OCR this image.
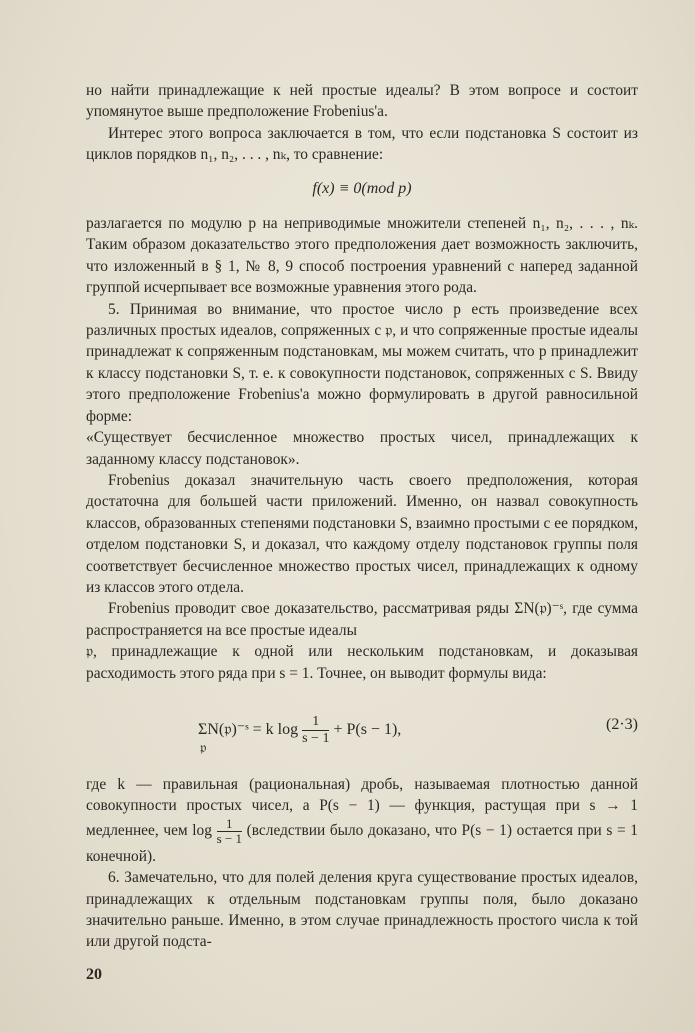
но найти принадлежащие к ней простые идеалы? В этом вопросе и состоит упомянутое выше предположение Frobenius'а.

Интерес этого вопроса заключается в том, что если подстановка S состоит из циклов порядков n₁, n₂, . . . , nₖ, то сравнение:

f(x) ≡ 0(mod p)

разлагается по модулю p на неприводимые множители степеней n₁, n₂, . . . , nₖ. Таким образом доказательство этого предположения дает возможность заключить, что изложенный в § 1, № 8, 9 способ построения уравнений с наперед заданной группой исчерпывает все возможные уравнения этого рода.

5. Принимая во внимание, что простое число p есть произведение всех различных простых идеалов, сопряженных с 𝔭, и что сопряженные простые идеалы принадлежат к сопряженным подстановкам, мы можем считать, что p принадлежит к классу подстановки S, т. е. к совокупности подстановок, сопряженных с S. Ввиду этого предположение Frobenius'а можно формулировать в другой равносильной форме:

«Существует бесчисленное множество простых чисел, принадлежащих к заданному классу подстановок».

Frobenius доказал значительную часть своего предположения, которая достаточна для большей части приложений. Именно, он назвал совокупность классов, образованных степенями подстановки S, взаимно простыми с ее порядком, отделом подстановки S, и доказал, что каждому отделу подстановок группы поля соответствует бесчисленное множество простых чисел, принадлежащих к одному из классов этого отдела.

Frobenius проводит свое доказательство, рассматривая ряды ΣN(𝔭)⁻ˢ, где сумма распространяется на все простые идеалы

𝔭, принадлежащие к одной или нескольким подстановкам, и доказывая расходимость этого ряда при s = 1. Точнее, он выводит формулы вида:

ΣN(𝔭)⁻ˢ = k $\log \frac{1}{s - 1} + P(s - 1)$,
𝔭
(2·3)

где k — правильная (рациональная) дробь, называемая плотностью данной совокупности простых чисел, а P(s − 1) — функция, растущая при s → 1 медленнее, чем $\log \frac{1}{s - 1}$ (вследствии было доказано, что P(s − 1) остается при s = 1 конечной).

6. Замечательно, что для полей деления круга существование простых идеалов, принадлежащих к отдельным подстановкам группы поля, было доказано значительно раньше. Именно, в этом случае принадлежность простого числа к той или другой подста-

20
